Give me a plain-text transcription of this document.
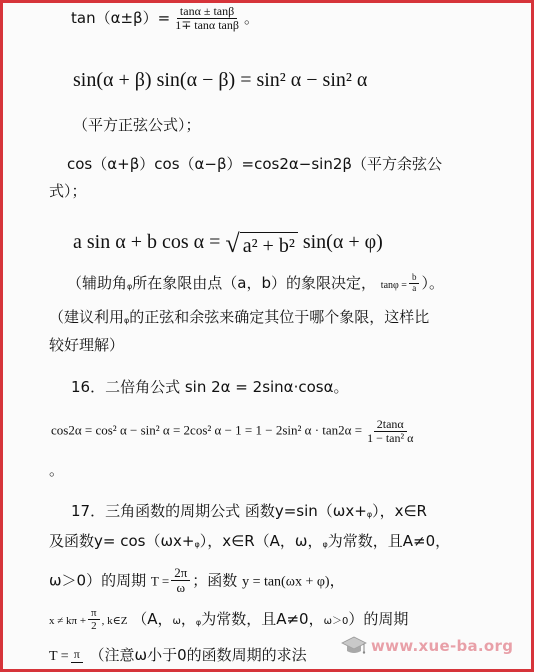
$\tan(\alpha\pm\beta)= \frac{\tan\alpha \pm \tan\beta}{\text{1∓ tanα tanβ}}$ 。
sin(α + β) sin(α − β) = sin² α − sin² α
（平方正弦公式）；
cos（α+β）cos（α−β）=cos2α−sin2β（平方余弦公
式）；
a sin α + b cos α = √ a² + b² sin(α + φ)
（辅助角φ所在象限由点（a，b）的象限决定， $\tan\varphi = \frac{b}{a}$ ）。
（建议利用φ的正弦和余弦来确定其位于哪个象限，这样比
较好理解）
16．二倍角公式 sin 2α = 2sinα·cosα。
cos2α = cos² α − sin² α = 2cos² α − 1 = 1 − 2sin² $\alpha \cdot \tan 2\alpha = \frac{2\tan\alpha}{\text{1 − tan² α}}$
。
17．三角函数的周期公式 函数y=sin（ωx+φ），x∈R
及函数y= cos（ωx+φ），x∈R（A，ω，φ为常数，且A≠0，
ω＞0）的周期 $T = \frac{2\pi}{\omega}$ ；函数 y = tan(ωx + φ)，
$x \ne k\pi + \frac{\pi}{2}$ , k∈Z （A，ω，φ为常数，且A≠0，ω＞0）的周期
T = π （注意ω小于0的函数周期的求法	www.xue-ba.org
